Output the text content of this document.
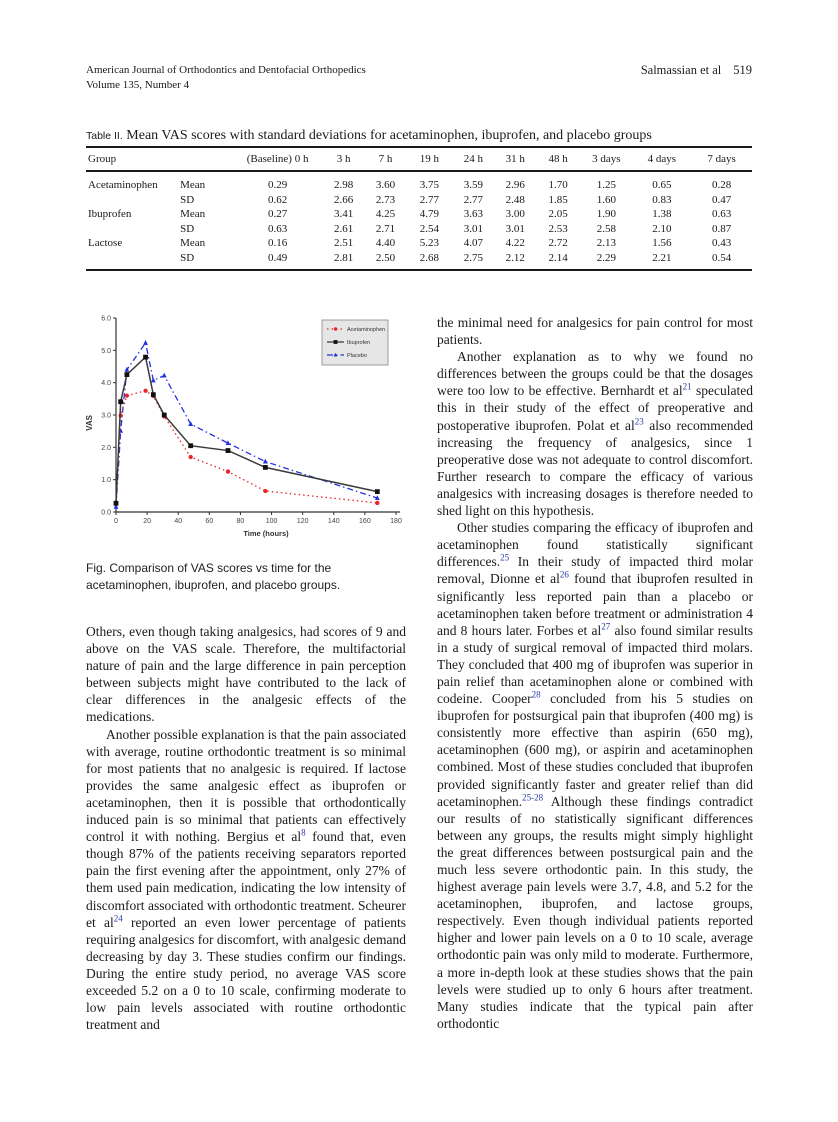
American Journal of Orthodontics and Dentofacial Orthopedics
Volume 135, Number 4
Salmassian et al 519
Table II. Mean VAS scores with standard deviations for acetaminophen, ibuprofen, and placebo groups
Group		(Baseline) 0 h	3 h	7 h	19 h	24 h	31 h	48 h	3 days	4 days	7 days
Acetaminophen	Mean	0.29	2.98	3.60	3.75	3.59	2.96	1.70	1.25	0.65	0.28
	SD	0.62	2.66	2.73	2.77	2.77	2.48	1.85	1.60	0.83	0.47
Ibuprofen	Mean	0.27	3.41	4.25	4.79	3.63	3.00	2.05	1.90	1.38	0.63
	SD	0.63	2.61	2.71	2.54	3.01	3.01	2.53	2.58	2.10	0.87
Lactose	Mean	0.16	2.51	4.40	5.23	4.07	4.22	2.72	2.13	1.56	0.43
	SD	0.49	2.81	2.50	2.68	2.75	2.12	2.14	2.29	2.21	0.54
0.0
1.0
2.0
3.0
4.0
5.0
6.0
0	20	40	60	80	100	120	140	160	180
Time (hours)
VAS
Acetaminophen
Ibuprofen
Placebo
Fig. Comparison of VAS scores vs time for the acetaminophen, ibuprofen, and placebo groups.

Others, even though taking analgesics, had scores of 9 and above on the VAS scale. Therefore, the multifactorial nature of pain and the large difference in pain perception between subjects might have contributed to the lack of clear differences in the analgesic effects of the medications.

Another possible explanation is that the pain associated with average, routine orthodontic treatment is so minimal for most patients that no analgesic is required. If lactose provides the same analgesic effect as ibuprofen or acetaminophen, then it is possible that orthodontically induced pain is so minimal that patients can effectively control it with nothing. Bergius et $al^8$ found that, even though 87% of the patients receiving separators reported pain the first evening after the appointment, only 27% of them used pain medication, indicating the low intensity of discomfort associated with orthodontic treatment. Scheurer et $al^{24}$ reported an even lower percentage of patients requiring analgesics for discomfort, with analgesic demand decreasing by day 3. These studies confirm our findings. During the entire study period, no average VAS score exceeded 5.2 on a 0 to 10 scale, confirming moderate to low pain levels associated with routine orthodontic treatment and

the minimal need for analgesics for pain control for most patients.

Another explanation as to why we found no differences between the groups could be that the dosages were too low to be effective. Bernhardt et $al^{21}$ speculated this in their study of the effect of preoperative and postoperative ibuprofen. Polat et $al^{23}$ also recommended increasing the frequency of analgesics, since 1 preoperative dose was not adequate to control discomfort. Further research to compare the efficacy of various analgesics with increasing dosages is therefore needed to shed light on this hypothesis.

Other studies comparing the efficacy of ibuprofen and acetaminophen found statistically significant differences.$^{25}$ In their study of impacted third molar removal, Dionne et $al^{26}$ found that ibuprofen resulted in significantly less reported pain than a placebo or acetaminophen taken before treatment or administration 4 and 8 hours later. Forbes et $al^{27}$ also found similar results in a study of surgical removal of impacted third molars. They concluded that 400 mg of ibuprofen was superior in pain relief than acetaminophen alone or combined with codeine. Cooper$^{28}$ concluded from his 5 studies on ibuprofen for postsurgical pain that ibuprofen (400 mg) is consistently more effective than aspirin (650 mg), acetaminophen (600 mg), or aspirin and acetaminophen combined. Most of these studies concluded that ibuprofen provided significantly faster and greater relief than did acetaminophen.$^{25-28}$ Although these findings contradict our results of no statistically significant differences between any groups, the results might simply highlight the great differences between postsurgical pain and the much less severe orthodontic pain. In this study, the highest average pain levels were 3.7, 4.8, and 5.2 for the acetaminophen, ibuprofen, and lactose groups, respectively. Even though individual patients reported higher and lower pain levels on a 0 to 10 scale, average orthodontic pain was only mild to moderate. Furthermore, a more in-depth look at these studies shows that the pain levels were studied up to only 6 hours after treatment. Many studies indicate that the typical pain after orthodontic
